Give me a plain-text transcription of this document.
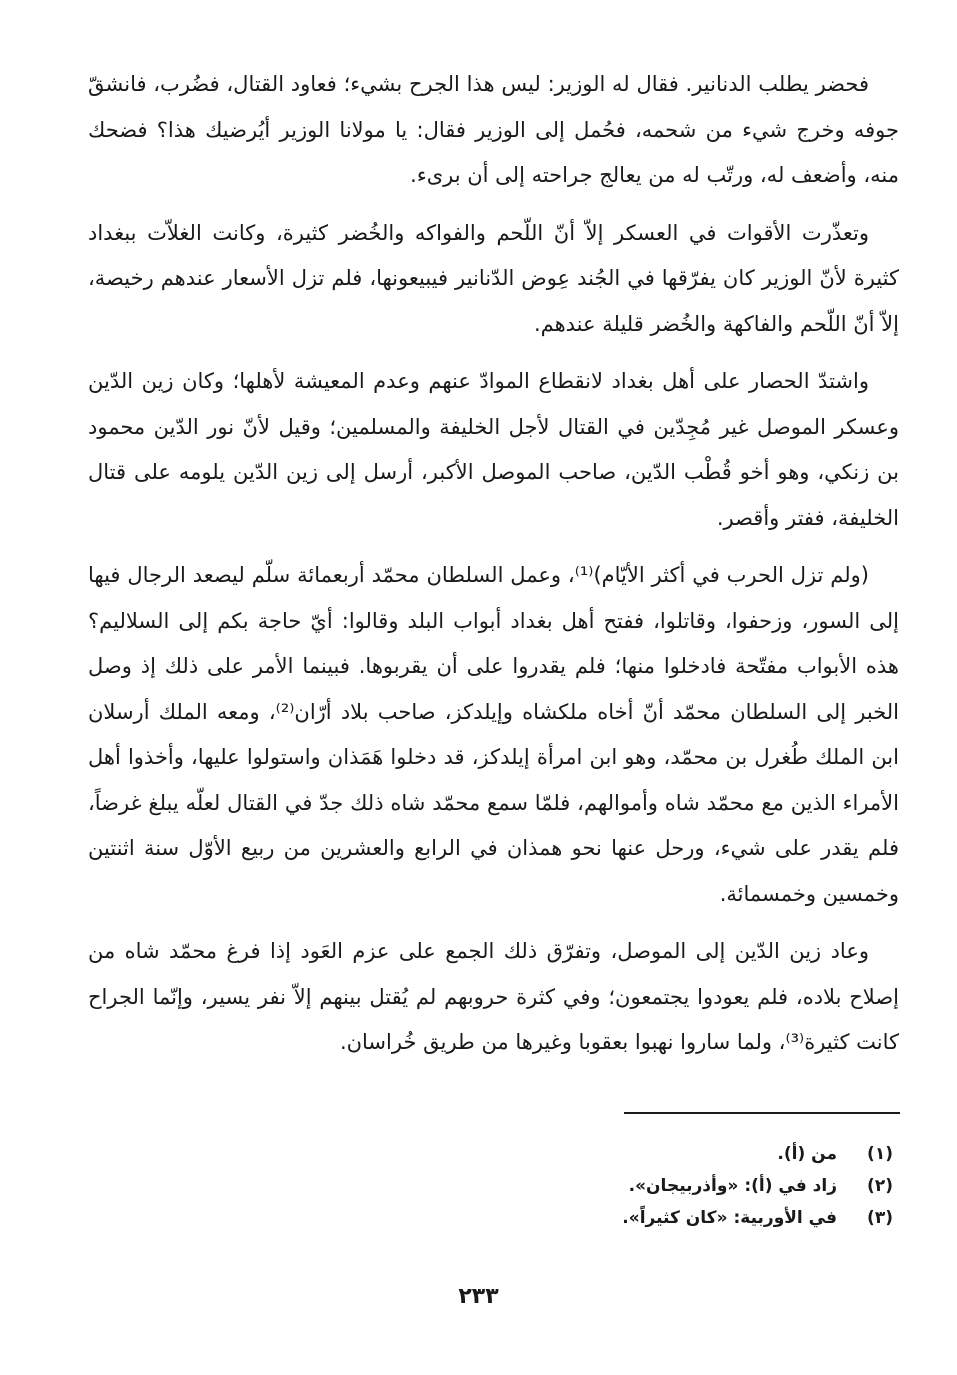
فحضر يطلب الدنانير. فقال له الوزير: ليس هذا الجرح بشيء؛ فعاود القتال، فضُرب، فانشقّ جوفه وخرج شيء من شحمه، فحُمل إلى الوزير فقال: يا مولانا الوزير أيُرضيك هذا؟ فضحك منه، وأضعف له، ورتّب له من يعالج جراحته إلى أن برىء.

وتعذّرت الأقوات في العسكر إلاّ أنّ اللّحم والفواكه والخُضر كثيرة، وكانت الغلاّت ببغداد كثيرة لأنّ الوزير كان يفرّقها في الجُند عِوض الدّنانير فيبيعونها، فلم تزل الأسعار عندهم رخيصة، إلاّ أنّ اللّحم والفاكهة والخُضر قليلة عندهم.

واشتدّ الحصار على أهل بغداد لانقطاع الموادّ عنهم وعدم المعيشة لأهلها؛ وكان زين الدّين وعسكر الموصل غير مُجِدّين في القتال لأجل الخليفة والمسلمين؛ وقيل لأنّ نور الدّين محمود بن زنكي، وهو أخو قُطْب الدّين، صاحب الموصل الأكبر، أرسل إلى زين الدّين يلومه على قتال الخليفة، ففتر وأقصر.

(ولم تزل الحرب في أكثر الأيّام)⁽¹⁾، وعمل السلطان محمّد أربعمائة سلّم ليصعد الرجال فيها إلى السور، وزحفوا، وقاتلوا، ففتح أهل بغداد أبواب البلد وقالوا: أيّ حاجة بكم إلى السلاليم؟ هذه الأبواب مفتّحة فادخلوا منها؛ فلم يقدروا على أن يقربوها. فبينما الأمر على ذلك إذ وصل الخبر إلى السلطان محمّد أنّ أخاه ملكشاه وإيلدكز، صاحب بلاد أرّان⁽²⁾، ومعه الملك أرسلان ابن الملك طُغرل بن محمّد، وهو ابن امرأة إيلدكز، قد دخلوا هَمَذان واستولوا عليها، وأخذوا أهل الأمراء الذين مع محمّد شاه وأموالهم، فلمّا سمع محمّد شاه ذلك جدّ في القتال لعلّه يبلغ غرضاً، فلم يقدر على شيء، ورحل عنها نحو همذان في الرابع والعشرين من ربيع الأوّل سنة اثنتين وخمسين وخمسمائة.

وعاد زين الدّين إلى الموصل، وتفرّق ذلك الجمع على عزم العَود إذا فرغ محمّد شاه من إصلاح بلاده، فلم يعودوا يجتمعون؛ وفي كثرة حروبهم لم يُقتل بينهم إلاّ نفر يسير، وإنّما الجراح كانت كثيرة⁽³⁾، ولما ساروا نهبوا بعقوبا وغيرها من طريق خُراسان.

(١)
من (أ).
(٢)
زاد في (أ): «وأذربيجان».
(٣)
في الأوربية: «كان كثيراً».
٢٣٣
